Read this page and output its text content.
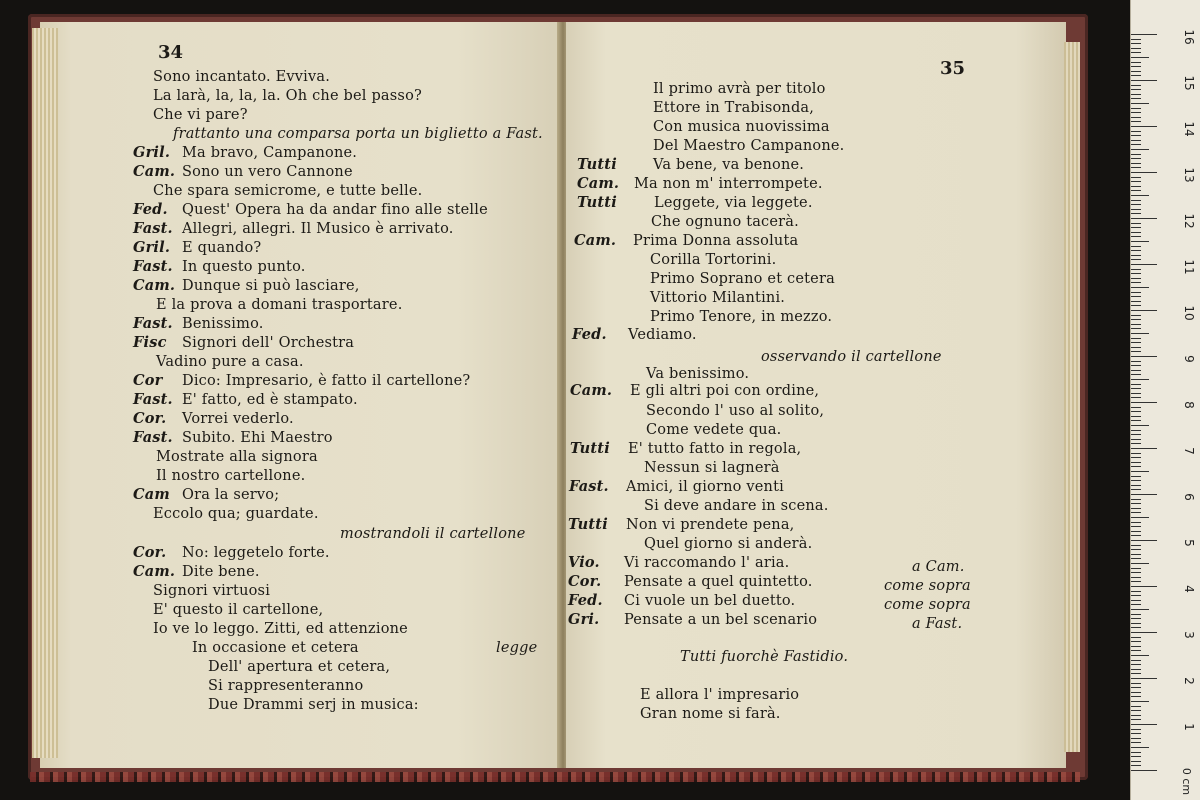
34
Sono incantato. Evviva.
La larà, la, la, la. Oh che bel passo?
Che vi pare?
frattanto una comparsa porta un biglietto a Fast.
Gril. Ma bravo, Campanone.
Cam. Sono un vero Cannone
Che spara semicrome, e tutte belle.
Fed. Quest' Opera ha da andar fino alle stelle
Fast. Allegri, allegri. Il Musico è arrivato.
Gril. E quando?
Fast. In questo punto.
Cam. Dunque si può lasciare,
E la prova a domani trasportare.
Fast. Benissimo.
Fisc Signori dell' Orchestra
Vadino pure a casa.
Cor Dico: Impresario, è fatto il cartellone?
Fast. E' fatto, ed è stampato.
Cor. Vorrei vederlo.
Fast. Subito. Ehi Maestro
Mostrate alla signora
Il nostro cartellone.
Cam Ora la servo;
Eccolo qua; guardate.
mostrandoli il cartellone
Cor. No: leggetelo forte.
Cam. Dite bene.
Signori virtuosi
E' questo il cartellone,
Io ve lo leggo. Zitti, ed attenzione
In occasione et cetera	legge
Dell' apertura et cetera,
Si rappresenteranno
Due Drammi serj in musica:
35
Il primo avrà per titolo
Ettore in Trabisonda,
Con musica nuovissima
Del Maestro Campanone.
Tutti Va bene, va benone.
Cam. Ma non m' interrompete.
Tutti	Leggete, via leggete.
Che ognuno tacerà.
Cam. Prima Donna assoluta
Corilla Tortorini.
Primo Soprano et cetera
Vittorio Milantini.
Primo Tenore, in mezzo.
Fed. Vediamo.
osservando il cartellone
Va benissimo.
Cam. E gli altri poi con ordine,
Secondo l' uso al solito,
Come vedete qua.
Tutti E' tutto fatto in regola,
Nessun si lagnerà
Fast. Amici, il giorno venti
Si deve andare in scena.
Tutti Non vi prendete pena,
Quel giorno si anderà.
Vio. Vi raccomando l' aria.	a Cam.
Cor. Pensate a quel quintetto.	come sopra
Fed. Ci vuole un bel duetto.	come sopra
Gri. Pensate a un bel scenario	a Fast.
Tutti fuorchè Fastidio.
E allora l' impresario
Gran nome si farà.
16
15
14
13
12
11
10
9
8
7
6
5
4
3
2
1
0 cm
